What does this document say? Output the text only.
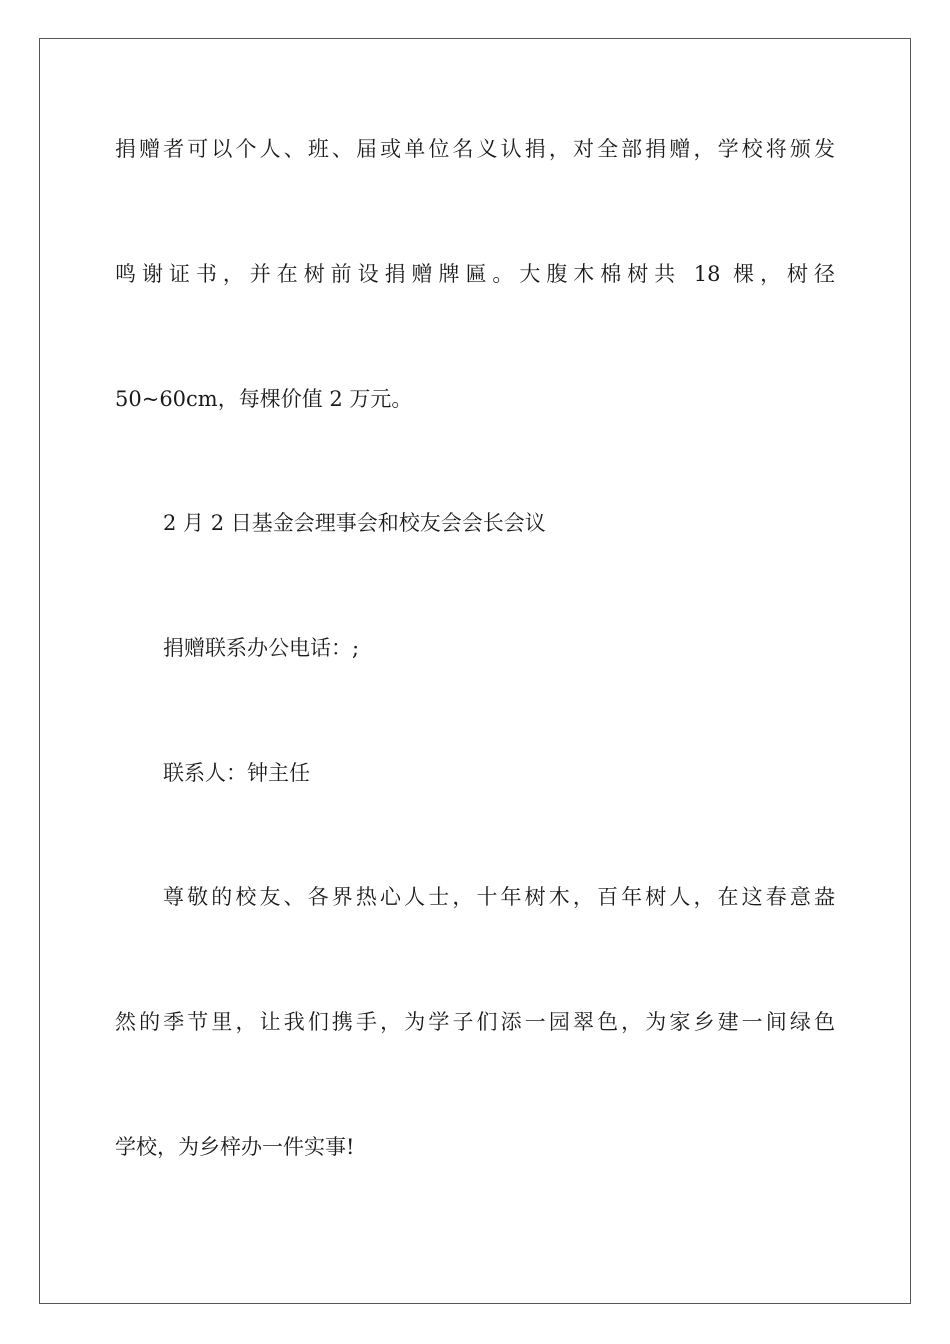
捐赠者可以个人、班、届或单位名义认捐，对全部捐赠，学校将颁发
鸣谢证书，并在树前设捐赠牌匾。大腹木棉树共 18 棵，树径
50~60cm，每棵价值 2 万元。
2 月 2 日基金会理事会和校友会会长会议
捐赠联系办公电话：;
联系人：钟主任
尊敬的校友、各界热心人士，十年树木，百年树人，在这春意盎
然的季节里，让我们携手，为学子们添一园翠色，为家乡建一间绿色
学校，为乡梓办一件实事!
